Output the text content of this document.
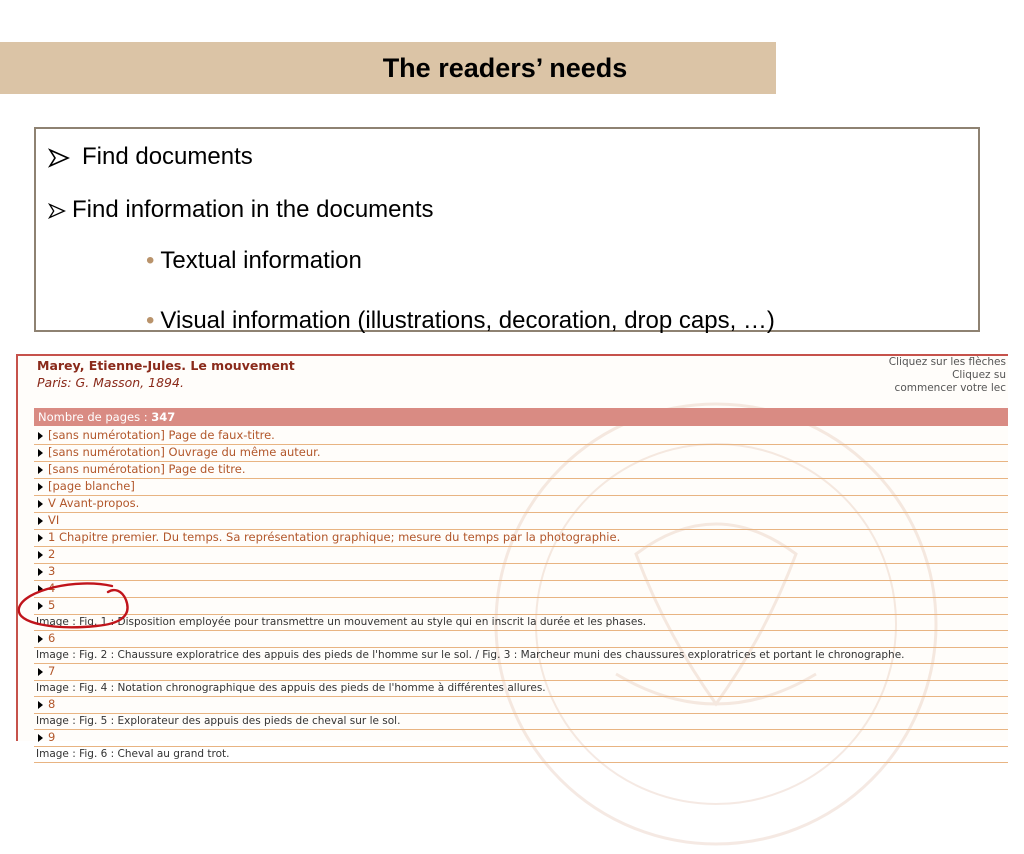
The readers’ needs
Find documents
Find information in the documents
• Textual information
• Visual information (illustrations, decoration, drop caps, …)
Marey, Etienne-Jules. Le mouvement
Paris: G. Masson, 1894.
Cliquez sur les flèches
Cliquez su
commencer votre lec
Nombre de pages : 347
[sans numérotation] Page de faux-titre.
[sans numérotation] Ouvrage du même auteur.
[sans numérotation] Page de titre.
[page blanche]
V Avant-propos.
VI
1 Chapitre premier. Du temps. Sa représentation graphique; mesure du temps par la photographie.
2
3
4
5
Image : Fig. 1 : Disposition employée pour transmettre un mouvement au style qui en inscrit la durée et les phases.
6
Image : Fig. 2 : Chaussure exploratrice des appuis des pieds de l'homme sur le sol. / Fig. 3 : Marcheur muni des chaussures exploratrices et portant le chronographe.
7
Image : Fig. 4 : Notation chronographique des appuis des pieds de l'homme à différentes allures.
8
Image : Fig. 5 : Explorateur des appuis des pieds de cheval sur le sol.
9
Image : Fig. 6 : Cheval au grand trot.
